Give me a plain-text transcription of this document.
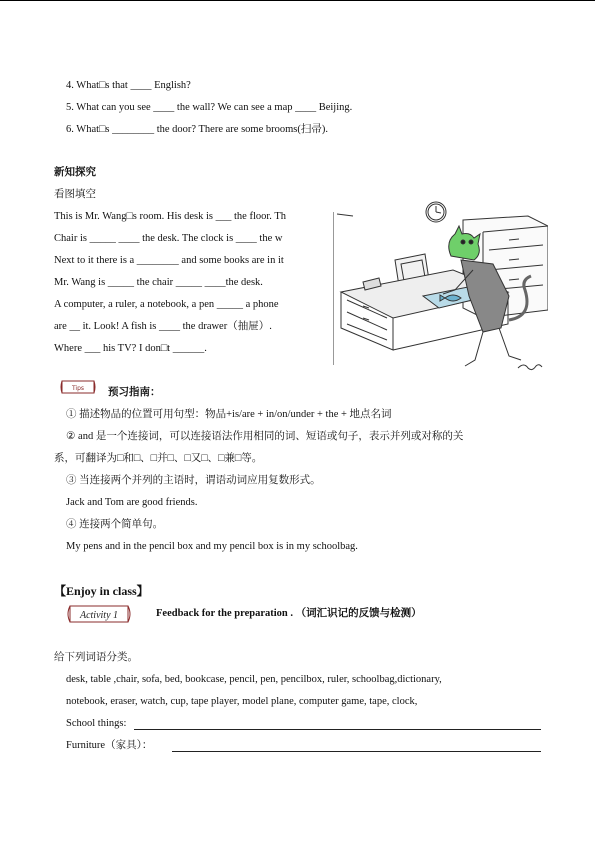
4. What□s that ____ English?
5. What can you see ____ the wall? We can see a map ____ Beijing.
6. What□s ________ the door? There are some brooms(扫帚).
新知探究
看图填空
This is Mr. Wang□s room. His desk is ___ the floor. Th
Chair is _____ ____ the desk. The clock is ____ the w
Next to it there is a ________ and some books are in it
Mr. Wang is _____ the chair _____ ____the desk.
A computer, a ruler, a notebook, a pen _____ a phone
are __ it. Look! A fish is ____ the drawer（抽屉）.
Where ___ his TV? I don□t ______.
Tips 预习指南：
① 描述物品的位置可用句型：物品+is/are + in/on/under + the + 地点名词
② and 是一个连接词，可以连接语法作用相同的词、短语或句子，表示并列或对称的关
系，可翻译为□和□、□并□、□又□、□兼□等。
③ 当连接两个并列的主语时，谓语动词应用复数形式。
Jack and Tom are good friends.
④ 连接两个简单句。
My pens and in the pencil box and my pencil box is in my schoolbag.
【Enjoy in class】
Activity 1	Feedback for the preparation . （词汇识记的反馈与检测）
给下列词语分类。
desk, table ,chair, sofa, bed, bookcase, pencil, pen, pencilbox, ruler, schoolbag,dictionary,
notebook, eraser, watch, cup, tape player, model plane, computer game, tape, clock,
School things:
Furniture（家具）：
